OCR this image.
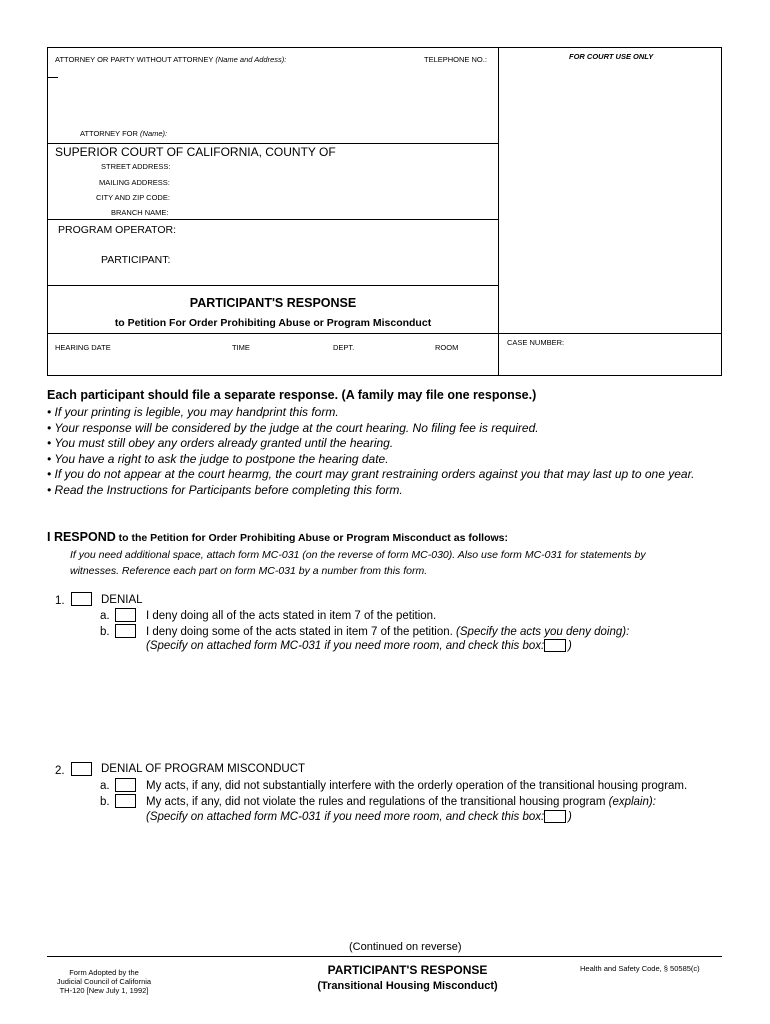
ATTORNEY OR PARTY WITHOUT ATTORNEY (Name and Address):	TELEPHONE NO.:	FOR COURT USE ONLY
ATTORNEY FOR (Name):
SUPERIOR COURT OF CALIFORNIA, COUNTY OF
STREET ADDRESS:
MAILING ADDRESS:
CITY AND ZIP CODE:
BRANCH NAME:
PROGRAM OPERATOR:
PARTICIPANT:
PARTICIPANT'S RESPONSE
to Petition For Order Prohibiting Abuse or Program Misconduct
HEARING DATE	TIME	DEPT.	ROOM
CASE NUMBER:
Each participant should file a separate response. (A family may file one response.)
• If your printing is legible, you may handprint this form.
• Your response will be considered by the judge at the court hearing. No filing fee is required.
• You must still obey any orders already granted until the hearing.
• You have a right to ask the judge to postpone the hearing date.
• If you do not appear at the court hearmg, the court may grant restraining orders against you that may last up to one year.
• Read the Instructions for Participants before completing this form.
I RESPOND to the Petition for Order Prohibiting Abuse or Program Misconduct as follows:
If you need additional space, attach form MC-031 (on the reverse of form MC-030). Also use form MC-031 for statements by
witnesses. Reference each part on form MC-031 by a number from this form.
1.	DENIAL
a.	I deny doing all of the acts stated in item 7 of the petition.
b.	I deny doing some of the acts stated in item 7 of the petition. (Specify the acts you deny doing):
(Specify on attached form MC-031 if you need more room, and check this box: )
2.	DENIAL OF PROGRAM MISCONDUCT
a.	My acts, if any, did not substantially interfere with the orderly operation of the transitional housing program.
b.	My acts, if any, did not violate the rules and regulations of the transitional housing program (explain):
(Specify on attached form MC-031 if you need more room, and check this box: )
(Continued on reverse)
Form Adopted by the
Judicial Council of California
TH-120 [New July 1, 1992]
PARTICIPANT'S RESPONSE
(Transitional Housing Misconduct)
Health and Safety Code, § 50585(c)
